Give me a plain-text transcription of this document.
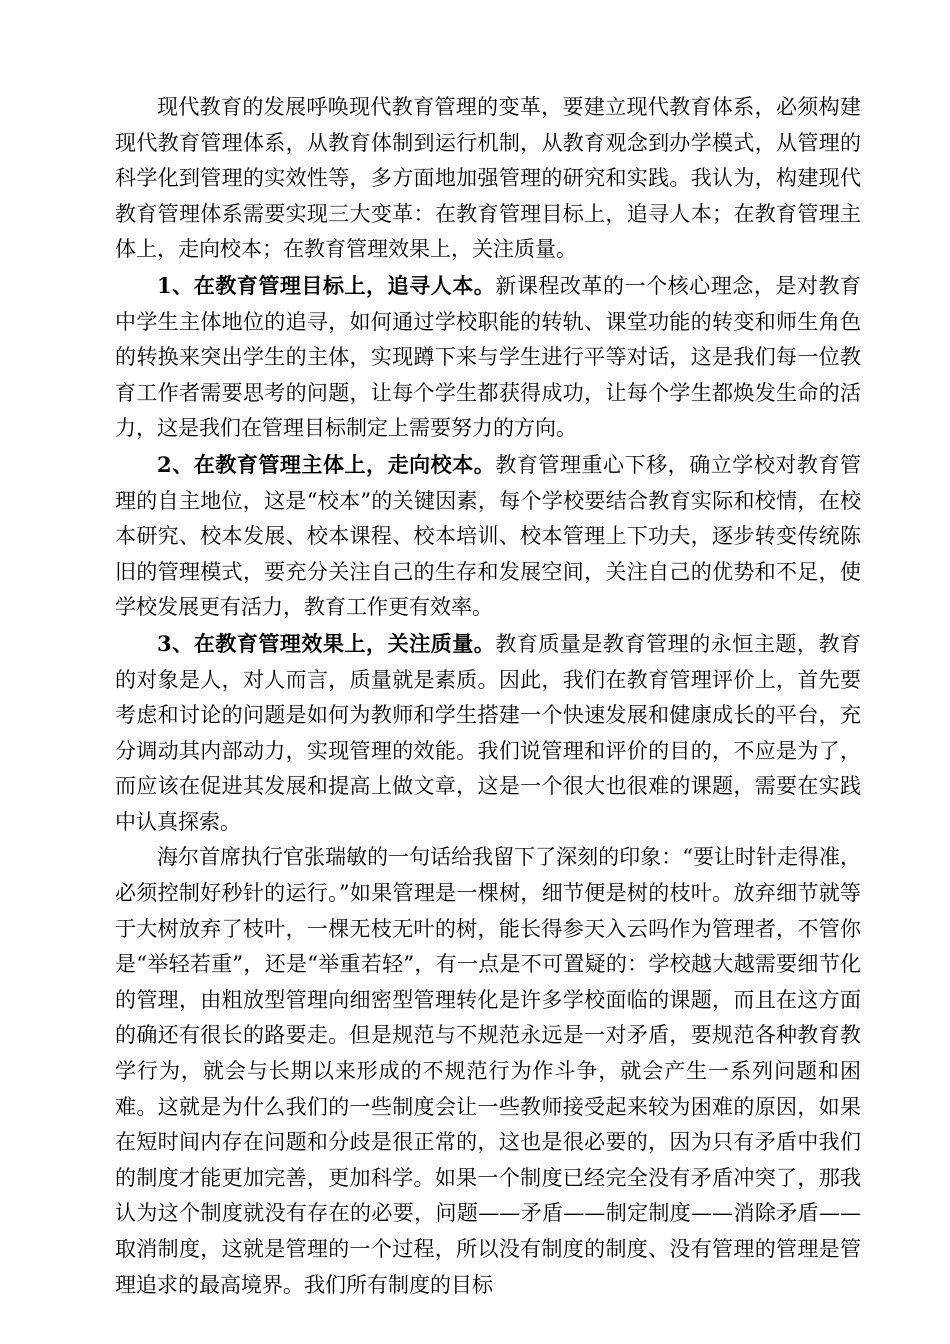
现代教育的发展呼唤现代教育管理的变革，要建立现代教育体系，必须构建现代教育管理体系，从教育体制到运行机制，从教育观念到办学模式，从管理的科学化到管理的实效性等，多方面地加强管理的研究和实践。我认为，构建现代教育管理体系需要实现三大变革：在教育管理目标上，追寻人本；在教育管理主体上，走向校本；在教育管理效果上，关注质量。

1、在教育管理目标上，追寻人本。新课程改革的一个核心理念，是对教育中学生主体地位的追寻，如何通过学校职能的转轨、课堂功能的转变和师生角色的转换来突出学生的主体，实现蹲下来与学生进行平等对话，这是我们每一位教育工作者需要思考的问题，让每个学生都获得成功，让每个学生都焕发生命的活力，这是我们在管理目标制定上需要努力的方向。

2、在教育管理主体上，走向校本。教育管理重心下移，确立学校对教育管理的自主地位，这是“校本”的关键因素，每个学校要结合教育实际和校情，在校本研究、校本发展、校本课程、校本培训、校本管理上下功夫，逐步转变传统陈旧的管理模式，要充分关注自己的生存和发展空间，关注自己的优势和不足，使学校发展更有活力，教育工作更有效率。

3、在教育管理效果上，关注质量。教育质量是教育管理的永恒主题，教育的对象是人，对人而言，质量就是素质。因此，我们在教育管理评价上，首先要考虑和讨论的问题是如何为教师和学生搭建一个快速发展和健康成长的平台，充分调动其内部动力，实现管理的效能。我们说管理和评价的目的，不应是为了，而应该在促进其发展和提高上做文章，这是一个很大也很难的课题，需要在实践中认真探索。

海尔首席执行官张瑞敏的一句话给我留下了深刻的印象：“要让时针走得准，必须控制好秒针的运行。”如果管理是一棵树，细节便是树的枝叶。放弃细节就等于大树放弃了枝叶，一棵无枝无叶的树，能长得参天入云吗作为管理者，不管你是“举轻若重”，还是“举重若轻”，有一点是不可置疑的：学校越大越需要细节化的管理，由粗放型管理向细密型管理转化是许多学校面临的课题，而且在这方面的确还有很长的路要走。但是规范与不规范永远是一对矛盾，要规范各种教育教学行为，就会与长期以来形成的不规范行为作斗争，就会产生一系列问题和困难。这就是为什么我们的一些制度会让一些教师接受起来较为困难的原因，如果在短时间内存在问题和分歧是很正常的，这也是很必要的，因为只有矛盾中我们的制度才能更加完善，更加科学。如果一个制度已经完全没有矛盾冲突了，那我认为这个制度就没有存在的必要，问题——矛盾——制定制度——消除矛盾——取消制度，这就是管理的一个过程，所以没有制度的制度、没有管理的管理是管理追求的最高境界。我们所有制度的目标
